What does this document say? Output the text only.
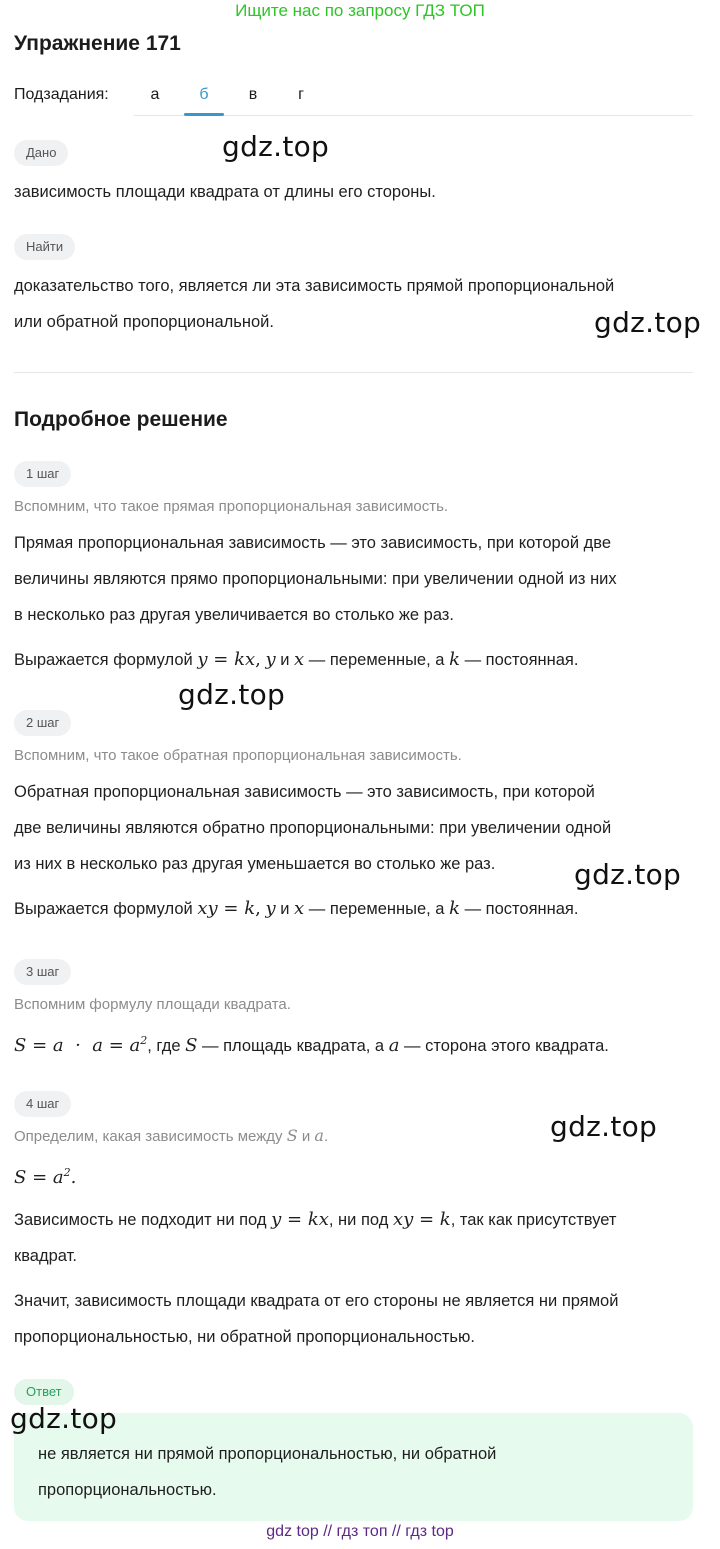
Ищите нас по запросу ГДЗ ТОП
Упражнение 171
Подзадания:	а	б	в	г
Дано	gdz.top
зависимость площади квадрата от длины его стороны.
Найти
доказательство того, является ли эта зависимость прямой пропорциональной
или обратной пропорциональной.	gdz.top
Подробное решение
1 шаг
Вспомним, что такое прямая пропорциональная зависимость.
Прямая пропорциональная зависимость — это зависимость, при которой две
величины являются прямо пропорциональными: при увеличении одной из них
в несколько раз другая увеличивается во столько же раз.
Выражается формулой y = kx, y и x — переменные, а k — постоянная.
gdz.top
2 шаг
Вспомним, что такое обратная пропорциональная зависимость.
Обратная пропорциональная зависимость — это зависимость, при которой
две величины являются обратно пропорциональными: при увеличении одной
из них в несколько раз другая уменьшается во столько же раз.	gdz.top
Выражается формулой xy = k, y и x — переменные, а k — постоянная.
3 шаг
Вспомним формулу площади квадрата.
$S = a \cdot a = a^2$, где S — площадь квадрата, а a — сторона этого квадрата.
4 шаг
gdz.top
Определим, какая зависимость между S и a.
$S = a^2$.
Зависимость не подходит ни под y = kx, ни под xy = k, так как присутствует
квадрат.
Значит, зависимость площади квадрата от его стороны не является ни прямой
пропорциональностью, ни обратной пропорциональностью.
Ответ
gdz.top
не является ни прямой пропорциональностью, ни обратной
пропорциональностью.
gdz top // гдз топ // гдз top
